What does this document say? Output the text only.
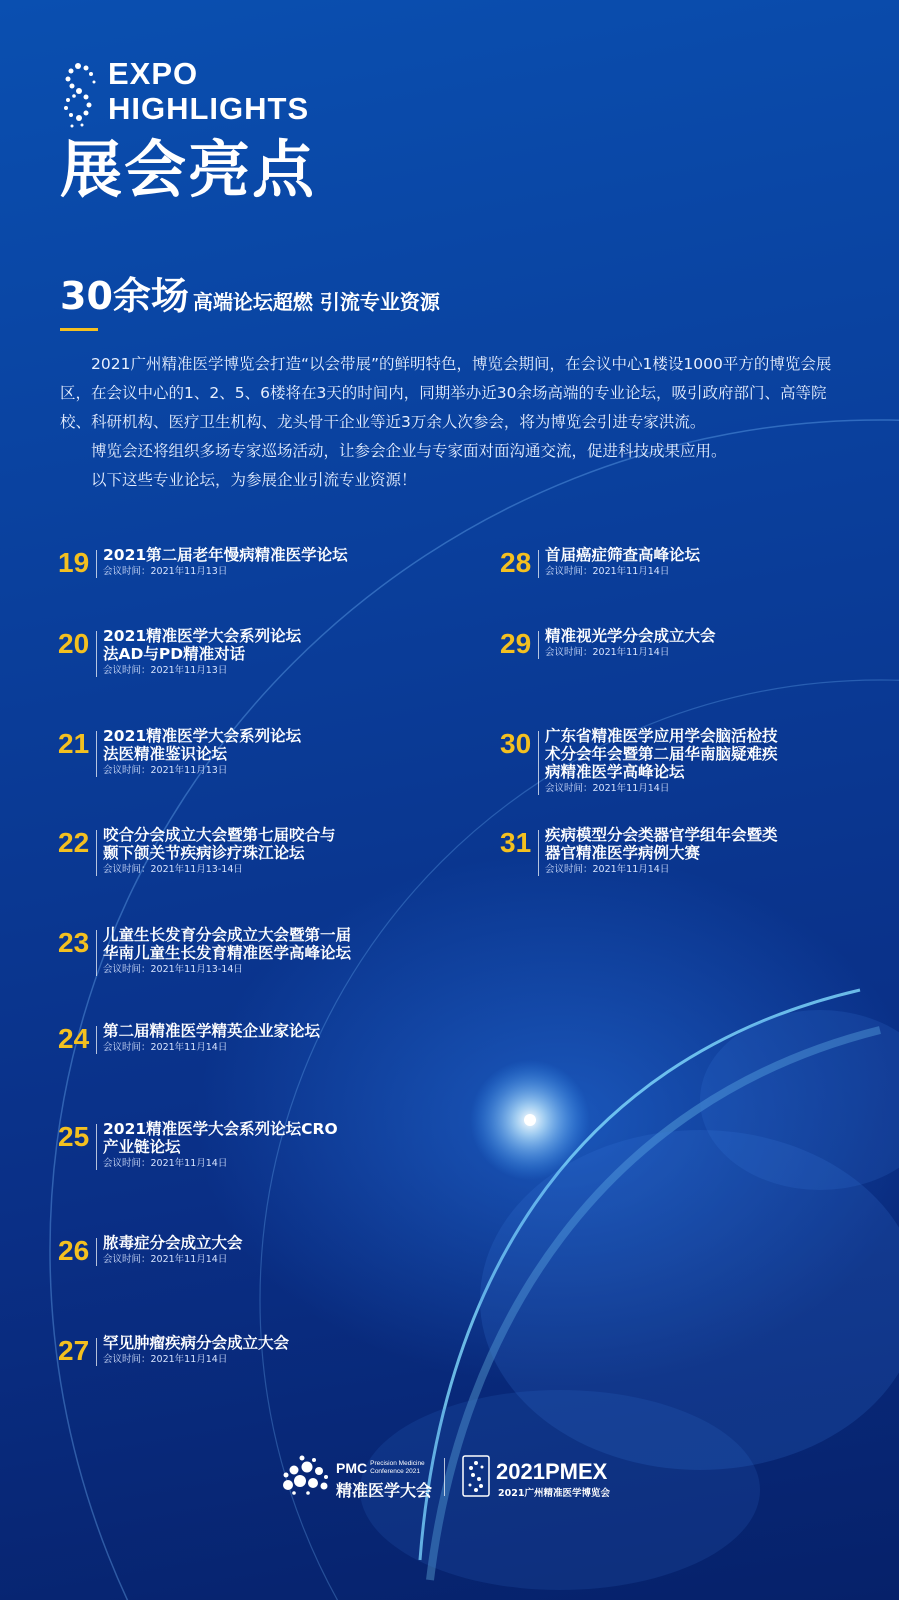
EXPO
HIGHLIGHTS
展会亮点
30余场 高端论坛超燃 引流专业资源

2021广州精准医学博览会打造“以会带展”的鲜明特色，博览会期间，在会议中心1楼设1000平方的博览会展区，在会议中心的1、2、5、6楼将在3天的时间内，同期举办近30余场高端的专业论坛，吸引政府部门、高等院校、科研机构、医疗卫生机构、龙头骨干企业等近3万余人次参会，将为博览会引进专家洪流。

博览会还将组织多场专家巡场活动，让参会企业与专家面对面沟通交流，促进科技成果应用。

以下这些专业论坛，为参展企业引流专业资源！

19 2021第二届老年慢病精准医学论坛
会议时间：2021年11月13日
20 2021精准医学大会系列论坛
法AD与PD精准对话
会议时间：2021年11月13日
21 2021精准医学大会系列论坛
法医精准鉴识论坛
会议时间：2021年11月13日
22 咬合分会成立大会暨第七届咬合与
颞下颌关节疾病诊疗珠江论坛
会议时间：2021年11月13-14日
23 儿童生长发育分会成立大会暨第一届
华南儿童生长发育精准医学高峰论坛
会议时间：2021年11月13-14日
24 第二届精准医学精英企业家论坛
会议时间：2021年11月14日
25 2021精准医学大会系列论坛CRO
产业链论坛
会议时间：2021年11月14日
26 脓毒症分会成立大会
会议时间：2021年11月14日
27 罕见肿瘤疾病分会成立大会
会议时间：2021年11月14日
28 首届癌症筛查高峰论坛
会议时间：2021年11月14日
29 精准视光学分会成立大会
会议时间：2021年11月14日
30 广东省精准医学应用学会脑活检技
术分会年会暨第二届华南脑疑难疾
病精准医学高峰论坛
会议时间：2021年11月14日
31 疾病模型分会类器官学组年会暨类
器官精准医学病例大赛
会议时间：2021年11月14日
PMC Precision Medicine
Conference 2021
精准医学大会
2021PMEX
2021广州精准医学博览会
